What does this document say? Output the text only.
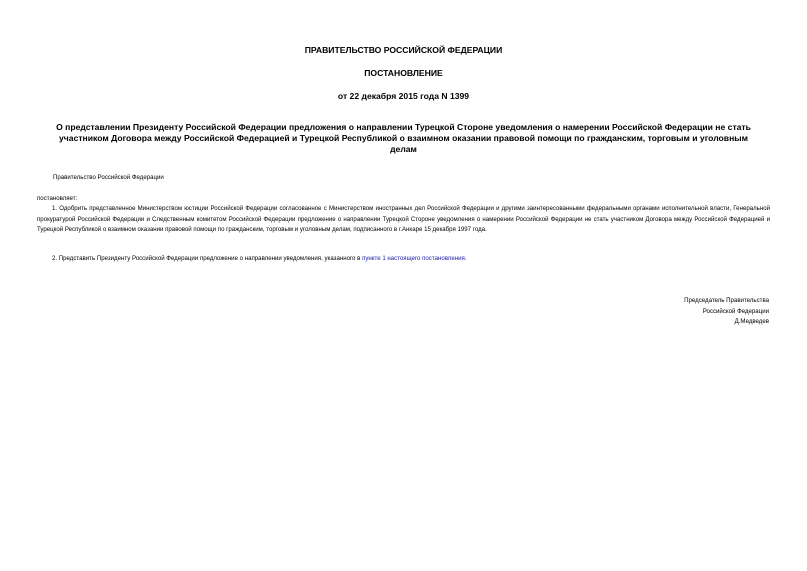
ПРАВИТЕЛЬСТВО РОССИЙСКОЙ ФЕДЕРАЦИИ
ПОСТАНОВЛЕНИЕ
от 22 декабря 2015 года N 1399
О представлении Президенту Российской Федерации предложения о направлении Турецкой Стороне уведомления о намерении Российской Федерации не стать
участником Договора между Российской Федерацией и Турецкой Республикой о взаимном оказании правовой помощи по гражданским, торговым и уголовным
делам
Правительство Российской Федерации
постановляет:
1. Одобрить представленное Министерством юстиции Российской Федерации согласованное с Министерством иностранных дел Российской Федерации и другими заинтересованными федеральными органами исполнительной власти, Генеральной прокуратурой Российской Федерации и Следственным комитетом Российской Федерации предложение о направлении Турецкой Стороне уведомления о намерении Российской Федерации не стать участником Договора между Российской Федерацией и Турецкой Республикой о взаимном оказании правовой помощи по гражданским, торговым и уголовным делам, подписанного в г.Анкаре 15 декабря 1997 года.
2. Представить Президенту Российской Федерации предложение о направлении уведомления, указанного в пункте 1 настоящего постановления.
Председатель Правительства
Российской Федерации
Д.Медведев
